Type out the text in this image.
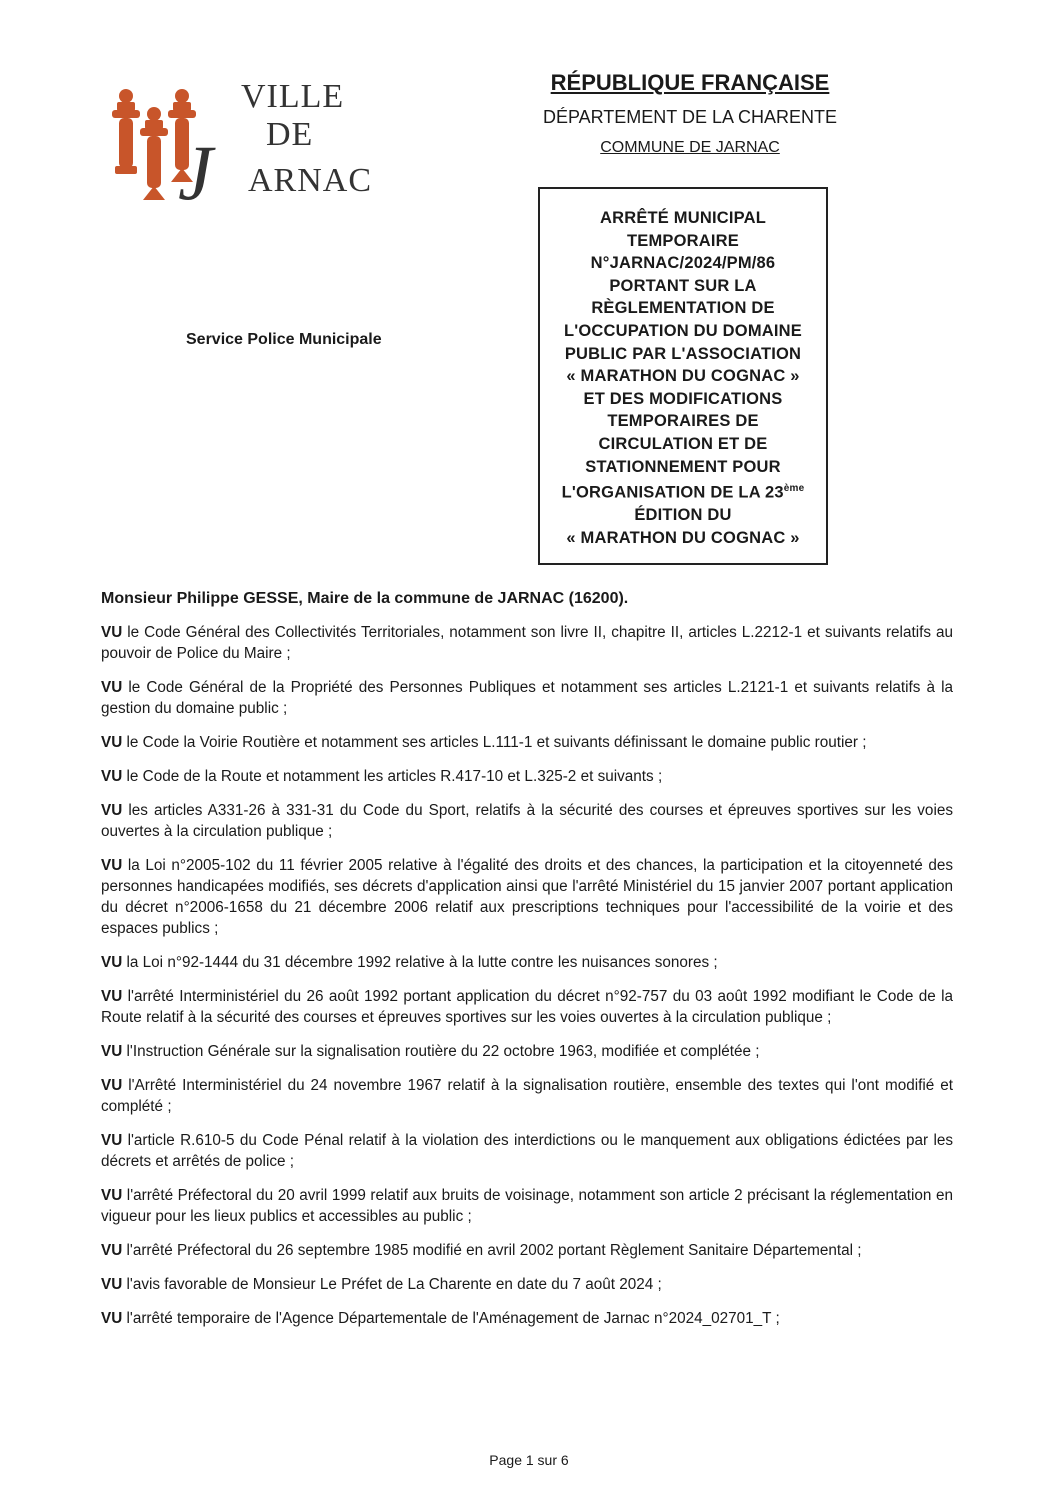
VILLE
DE
J ARNAC
RÉPUBLIQUE FRANÇAISE
DÉPARTEMENT DE LA CHARENTE
COMMUNE DE JARNAC
Service Police Municipale
ARRÊTÉ MUNICIPAL
TEMPORAIRE
N°JARNAC/2024/PM/86
PORTANT SUR LA
RÈGLEMENTATION DE
L'OCCUPATION DU DOMAINE
PUBLIC PAR L'ASSOCIATION
« MARATHON DU COGNAC »
ET DES MODIFICATIONS
TEMPORAIRES DE
CIRCULATION ET DE
STATIONNEMENT POUR
L'ORGANISATION DE LA 23ème
ÉDITION DU
« MARATHON DU COGNAC »

Monsieur Philippe GESSE, Maire de la commune de JARNAC (16200).

VU le Code Général des Collectivités Territoriales, notamment son livre II, chapitre II, articles L.2212-1 et suivants relatifs au pouvoir de Police du Maire ;

VU le Code Général de la Propriété des Personnes Publiques et notamment ses articles L.2121-1 et suivants relatifs à la gestion du domaine public ;

VU le Code la Voirie Routière et notamment ses articles L.111-1 et suivants définissant le domaine public routier ;

VU le Code de la Route et notamment les articles R.417-10 et L.325-2 et suivants ;

VU les articles A331-26 à 331-31 du Code du Sport, relatifs à la sécurité des courses et épreuves sportives sur les voies ouvertes à la circulation publique ;

VU la Loi n°2005-102 du 11 février 2005 relative à l'égalité des droits et des chances, la participation et la citoyenneté des personnes handicapées modifiés, ses décrets d'application ainsi que l'arrêté Ministériel du 15 janvier 2007 portant application du décret n°2006-1658 du 21 décembre 2006 relatif aux prescriptions techniques pour l'accessibilité de la voirie et des espaces publics ;

VU la Loi n°92-1444 du 31 décembre 1992 relative à la lutte contre les nuisances sonores ;

VU l'arrêté Interministériel du 26 août 1992 portant application du décret n°92-757 du 03 août 1992 modifiant le Code de la Route relatif à la sécurité des courses et épreuves sportives sur les voies ouvertes à la circulation publique ;

VU l'Instruction Générale sur la signalisation routière du 22 octobre 1963, modifiée et complétée ;

VU l'Arrêté Interministériel du 24 novembre 1967 relatif à la signalisation routière, ensemble des textes qui l'ont modifié et complété ;

VU l'article R.610-5 du Code Pénal relatif à la violation des interdictions ou le manquement aux obligations édictées par les décrets et arrêtés de police ;

VU l'arrêté Préfectoral du 20 avril 1999 relatif aux bruits de voisinage, notamment son article 2 précisant la réglementation en vigueur pour les lieux publics et accessibles au public ;

VU l'arrêté Préfectoral du 26 septembre 1985 modifié en avril 2002 portant Règlement Sanitaire Départemental ;

VU l'avis favorable de Monsieur Le Préfet de La Charente en date du 7 août 2024 ;

VU l'arrêté temporaire de l'Agence Départementale de l'Aménagement de Jarnac n°2024_02701_T ;

Page 1 sur 6
